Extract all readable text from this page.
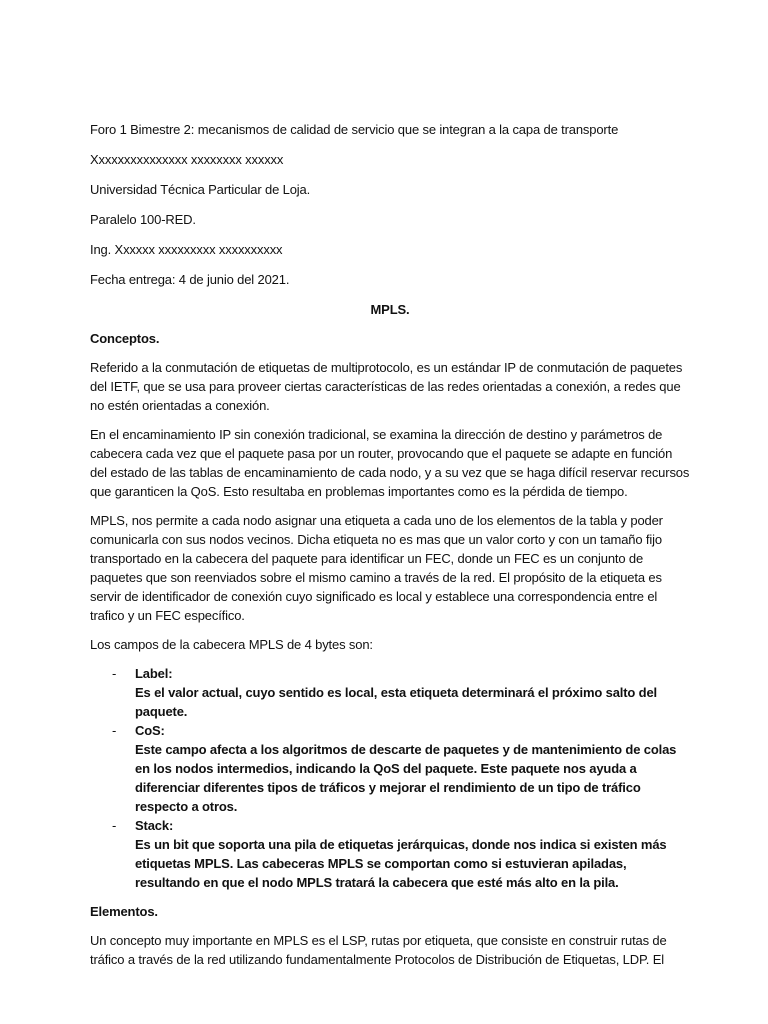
Foro 1 Bimestre 2: mecanismos de calidad de servicio que se integran a la capa de transporte

Xxxxxxxxxxxxxxx xxxxxxxx xxxxxx

Universidad Técnica Particular de Loja.

Paralelo 100-RED.

Ing. Xxxxxx xxxxxxxxx xxxxxxxxxx

Fecha entrega: 4 de junio del 2021.

MPLS.

Conceptos.

Referido a la conmutación de etiquetas de multiprotocolo, es un estándar IP de conmutación de paquetes del IETF, que se usa para proveer ciertas características de las redes orientadas a conexión, a redes que no estén orientadas a conexión.

En el encaminamiento IP sin conexión tradicional, se examina la dirección de destino y parámetros de cabecera cada vez que el paquete pasa por un router, provocando que el paquete se adapte en función del estado de las tablas de encaminamiento de cada nodo, y a su vez que se haga difícil reservar recursos que garanticen la QoS. Esto resultaba en problemas importantes como es la pérdida de tiempo.

MPLS, nos permite a cada nodo asignar una etiqueta a cada uno de los elementos de la tabla y poder comunicarla con sus nodos vecinos. Dicha etiqueta no es mas que un valor corto y con un tamaño fijo transportado en la cabecera del paquete para identificar un FEC, donde un FEC es un conjunto de paquetes que son reenviados sobre el mismo camino a través de la red. El propósito de la etiqueta es servir de identificador de conexión cuyo significado es local y establece una correspondencia entre el trafico y un FEC específico.

Los campos de la cabecera MPLS de 4 bytes son:

- Label:
Es el valor actual, cuyo sentido es local, esta etiqueta determinará el próximo salto del paquete.
- CoS:
Este campo afecta a los algoritmos de descarte de paquetes y de mantenimiento de colas en los nodos intermedios, indicando la QoS del paquete. Este paquete nos ayuda a diferenciar diferentes tipos de tráficos y mejorar el rendimiento de un tipo de tráfico respecto a otros.
- Stack:
Es un bit que soporta una pila de etiquetas jerárquicas, donde nos indica si existen más etiquetas MPLS. Las cabeceras MPLS se comportan como si estuvieran apiladas, resultando en que el nodo MPLS tratará la cabecera que esté más alto en la pila.

Elementos.

Un concepto muy importante en MPLS es el LSP, rutas por etiqueta, que consiste en construir rutas de tráfico a través de la red utilizando fundamentalmente Protocolos de Distribución de Etiquetas, LDP. El
